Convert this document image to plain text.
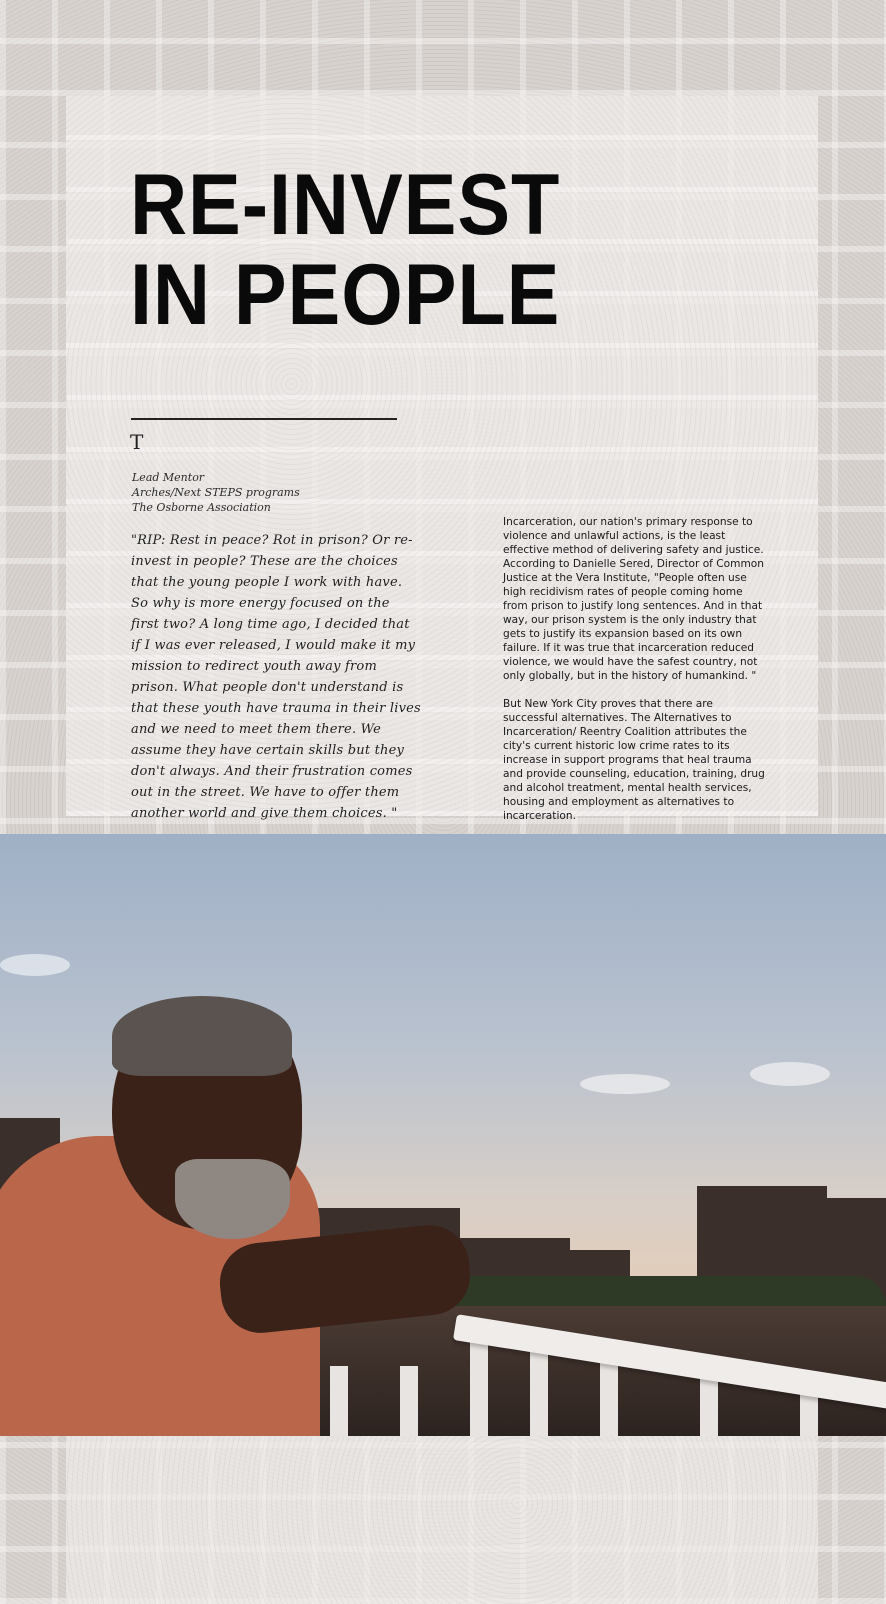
RE-INVEST
IN PEOPLE
T
Lead Mentor
Arches/Next STEPS programs
The Osborne Association
"RIP: Rest in peace? Rot in prison? Or re-invest in people? These are the choices that the young people I work with have. So why is more energy focused on the first two? A long time ago, I decided that if I was ever released, I would make it my mission to redirect youth away from prison. What people don't understand is that these youth have trauma in their lives and we need to meet them there. We assume they have certain skills but they don't always. And their frustration comes out in the street. We have to offer them another world and give them choices. "

Incarceration, our nation's primary response to violence and unlawful actions, is the least effective method of delivering safety and justice. According to Danielle Sered, Director of Common Justice at the Vera Institute, "People often use high recidivism rates of people coming home from prison to justify long sentences. And in that way, our prison system is the only industry that gets to justify its expansion based on its own failure. If it was true that incarceration reduced violence, we would have the safest country, not only globally, but in the history of humankind. "

But New York City proves that there are successful alternatives. The Alternatives to Incarceration/ Reentry Coalition attributes the city's current historic low crime rates to its increase in support programs that heal trauma and provide counseling, education, training, drug and alcohol treatment, mental health services, housing and employment as alternatives to incarceration.
